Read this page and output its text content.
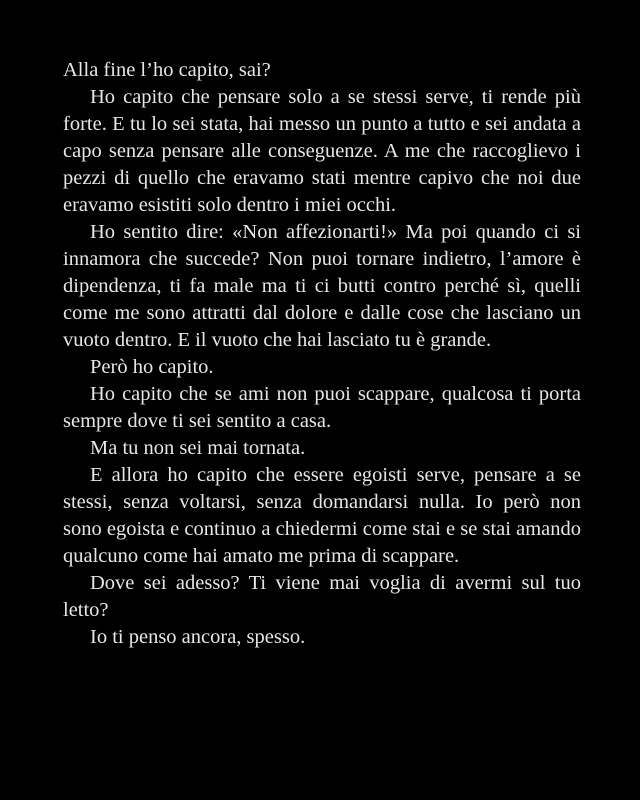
Alla fine l’ho capito, sai?

Ho capito che pensare solo a se stessi serve, ti rende più forte. E tu lo sei stata, hai messo un punto a tutto e sei andata a capo senza pensare alle conseguenze. A me che raccoglievo i pezzi di quello che eravamo stati mentre capivo che noi due eravamo esistiti solo dentro i miei occhi.

Ho sentito dire: «Non affezionarti!» Ma poi quando ci si innamora che succede? Non puoi tornare indietro, l’amore è dipendenza, ti fa male ma ti ci butti contro perché sì, quelli come me sono attratti dal dolore e dalle cose che lasciano un vuoto dentro. E il vuoto che hai lasciato tu è grande.

Però ho capito.

Ho capito che se ami non puoi scappare, qualcosa ti porta sempre dove ti sei sentito a casa.

Ma tu non sei mai tornata.

E allora ho capito che essere egoisti serve, pensare a se stessi, senza voltarsi, senza domandarsi nulla. Io però non sono egoista e continuo a chiedermi come stai e se stai amando qualcuno come hai amato me prima di scappare.

Dove sei adesso? Ti viene mai voglia di avermi sul tuo letto?

Io ti penso ancora, spesso.
